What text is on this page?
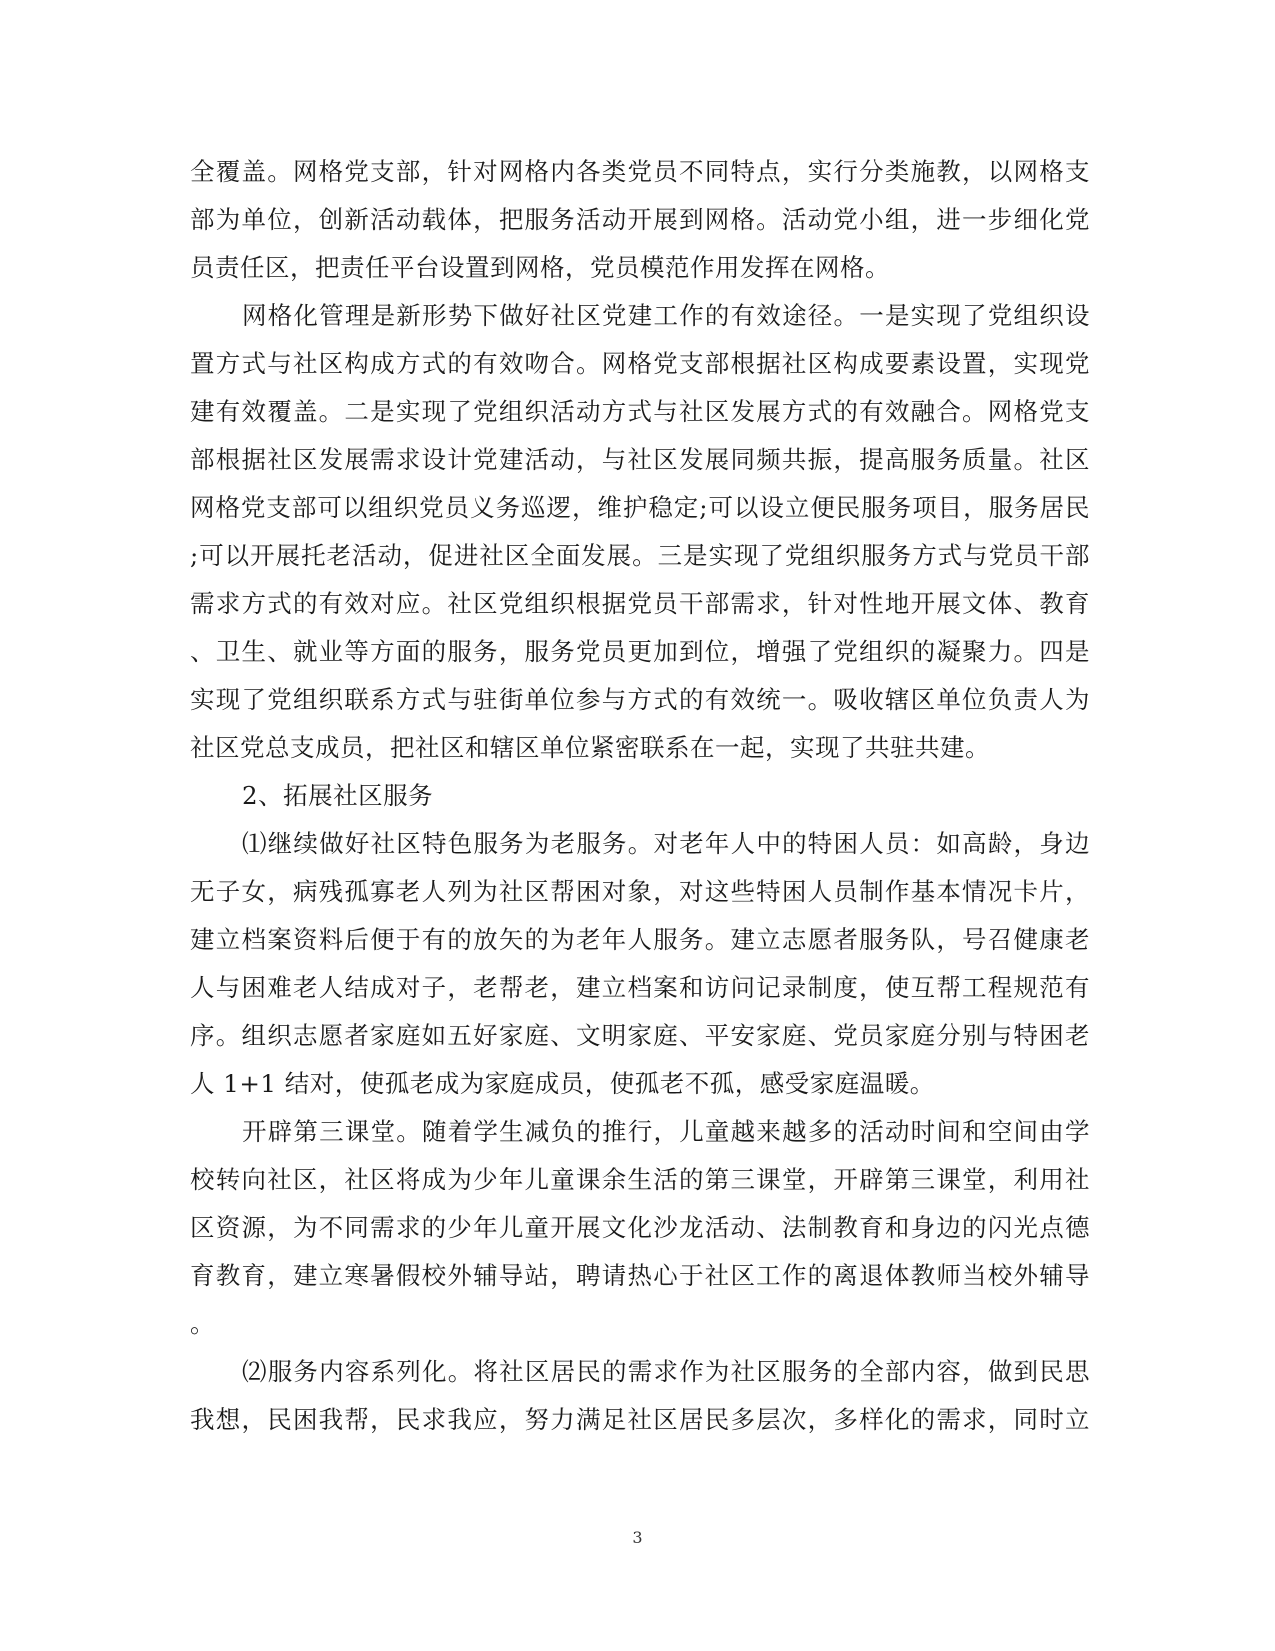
全覆盖。网格党支部，针对网格内各类党员不同特点，实行分类施教，以网格支
部为单位，创新活动载体，把服务活动开展到网格。活动党小组，进一步细化党
员责任区，把责任平台设置到网格，党员模范作用发挥在网格。
网格化管理是新形势下做好社区党建工作的有效途径。一是实现了党组织设
置方式与社区构成方式的有效吻合。网格党支部根据社区构成要素设置，实现党
建有效覆盖。二是实现了党组织活动方式与社区发展方式的有效融合。网格党支
部根据社区发展需求设计党建活动，与社区发展同频共振，提高服务质量。社区
网格党支部可以组织党员义务巡逻，维护稳定;可以设立便民服务项目，服务居民
;可以开展托老活动，促进社区全面发展。三是实现了党组织服务方式与党员干部
需求方式的有效对应。社区党组织根据党员干部需求，针对性地开展文体、教育
、卫生、就业等方面的服务，服务党员更加到位，增强了党组织的凝聚力。四是
实现了党组织联系方式与驻街单位参与方式的有效统一。吸收辖区单位负责人为
社区党总支成员，把社区和辖区单位紧密联系在一起，实现了共驻共建。
2、拓展社区服务
⑴继续做好社区特色服务为老服务。对老年人中的特困人员：如高龄，身边
无子女，病残孤寡老人列为社区帮困对象，对这些特困人员制作基本情况卡片，
建立档案资料后便于有的放矢的为老年人服务。建立志愿者服务队，号召健康老
人与困难老人结成对子，老帮老，建立档案和访问记录制度，使互帮工程规范有
序。组织志愿者家庭如五好家庭、文明家庭、平安家庭、党员家庭分别与特困老
人 1+1 结对，使孤老成为家庭成员，使孤老不孤，感受家庭温暖。
开辟第三课堂。随着学生减负的推行，儿童越来越多的活动时间和空间由学
校转向社区，社区将成为少年儿童课余生活的第三课堂，开辟第三课堂，利用社
区资源，为不同需求的少年儿童开展文化沙龙活动、法制教育和身边的闪光点德
育教育，建立寒暑假校外辅导站，聘请热心于社区工作的离退体教师当校外辅导
。
⑵服务内容系列化。将社区居民的需求作为社区服务的全部内容，做到民思
我想，民困我帮，民求我应，努力满足社区居民多层次，多样化的需求，同时立
3
